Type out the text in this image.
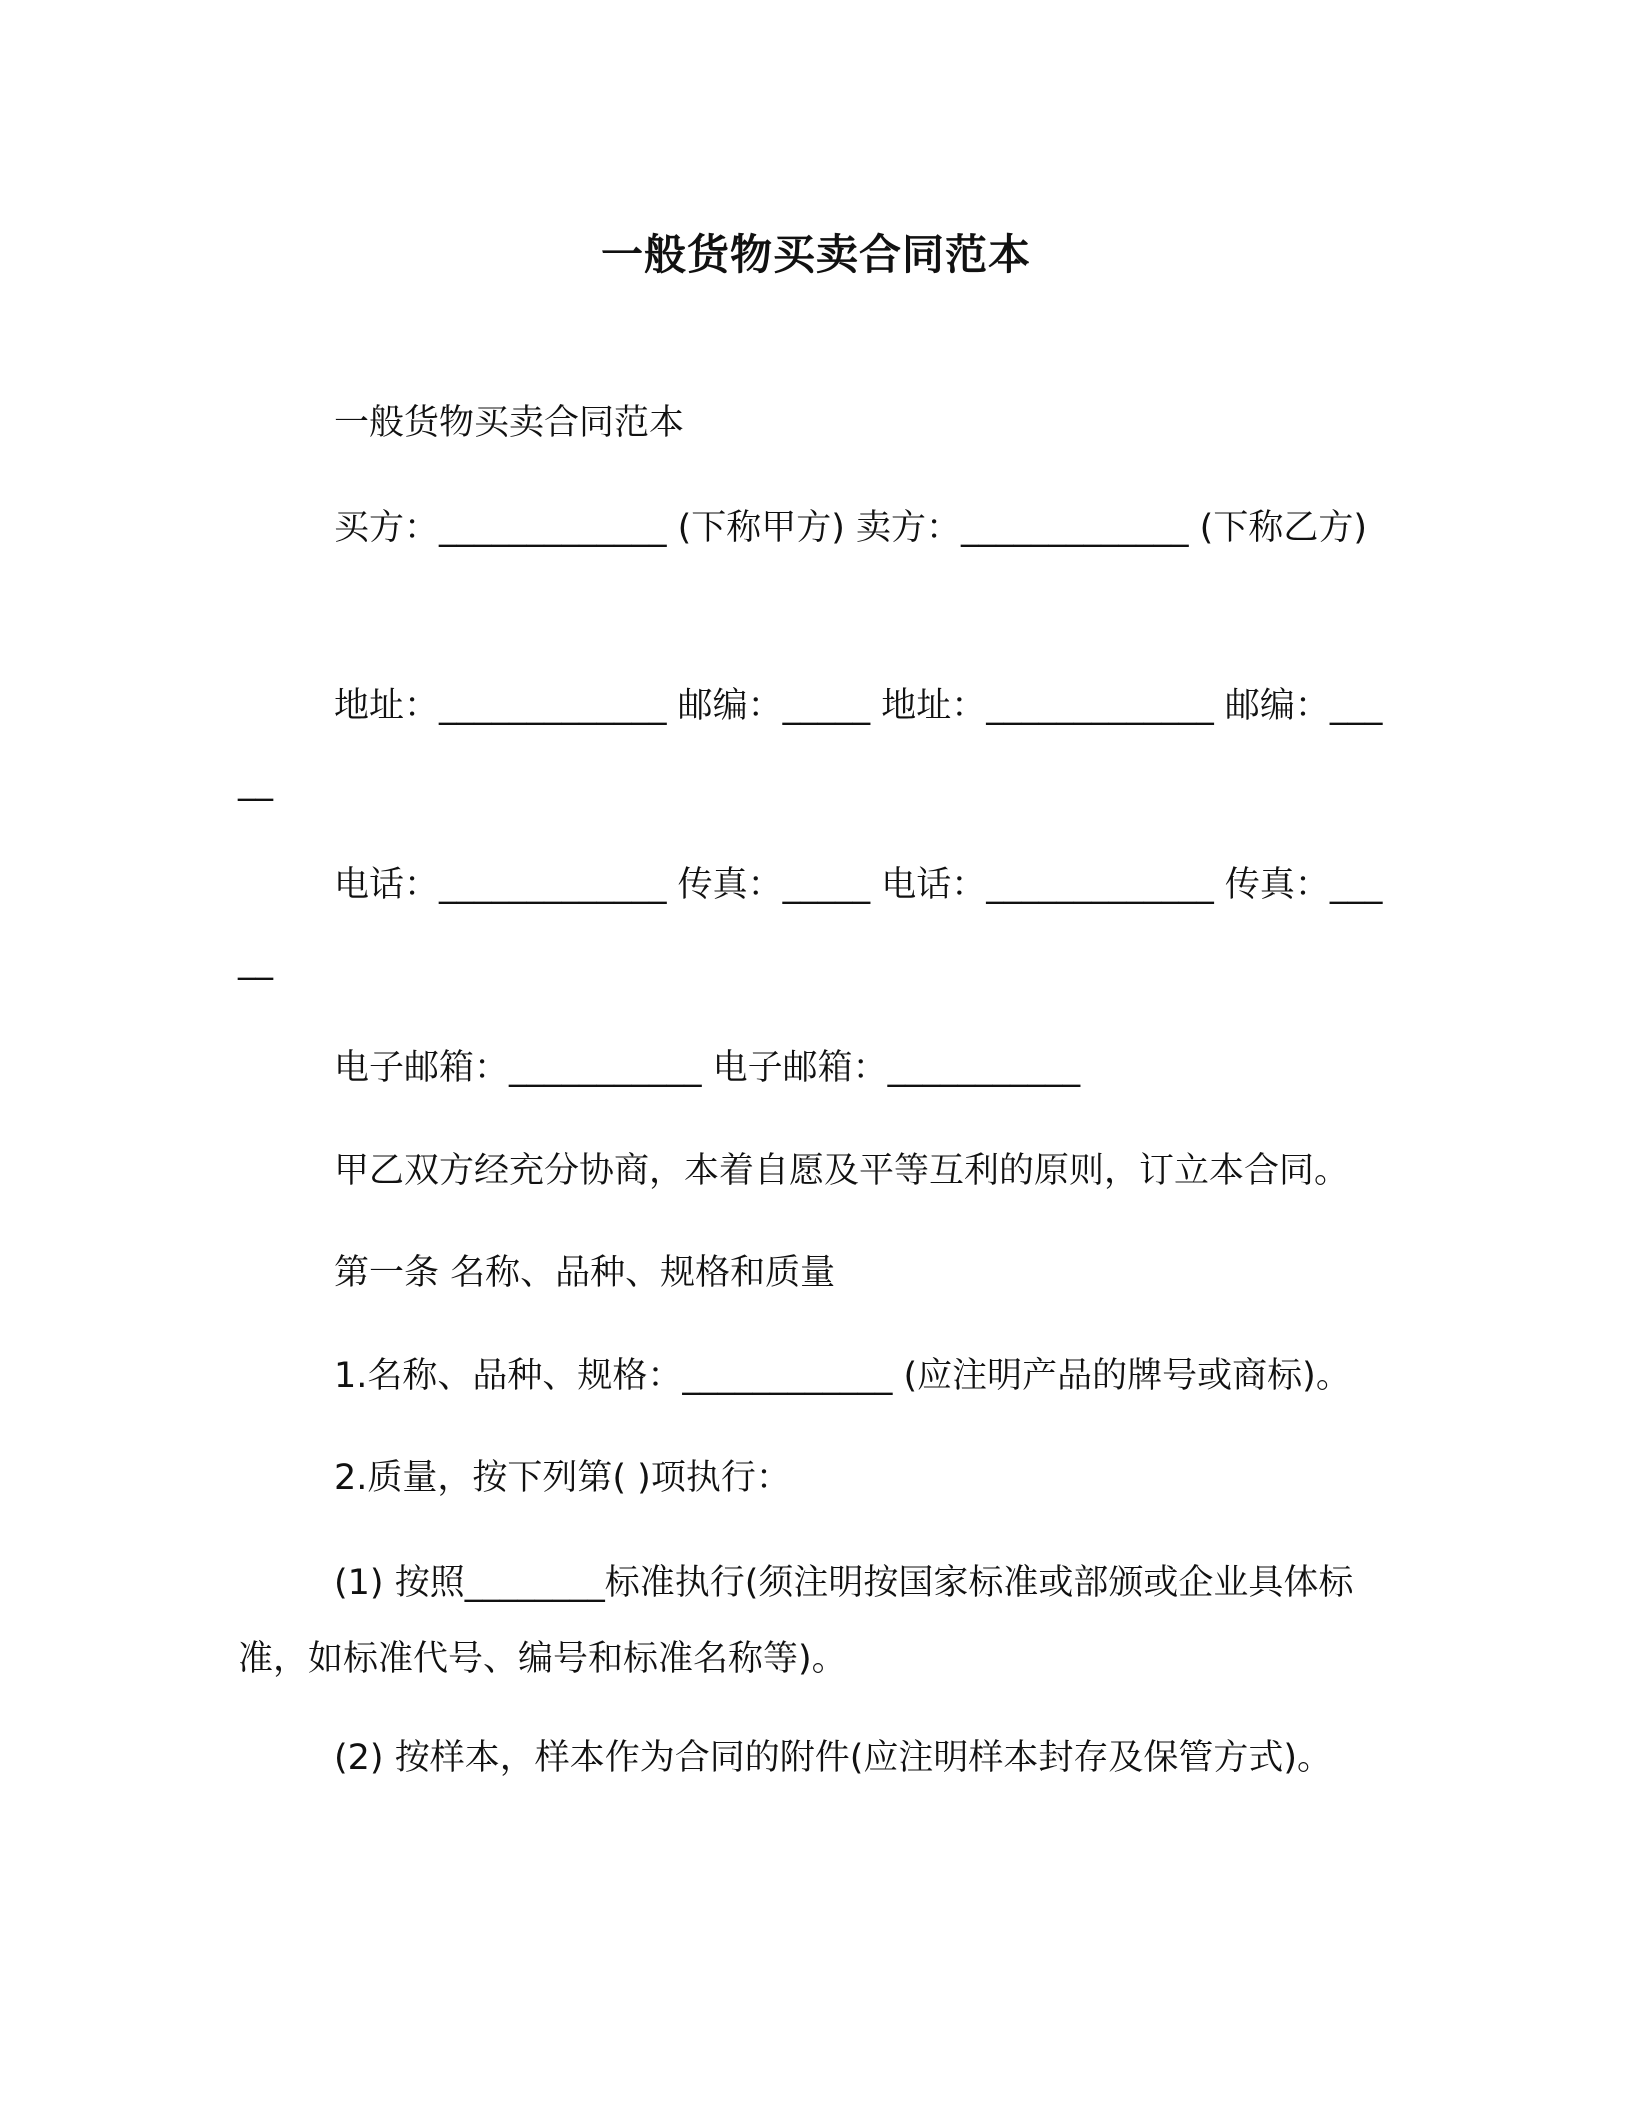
一般货物买卖合同范本
一般货物买卖合同范本
买方：_____________ (下称甲方) 卖方：_____________ (下称乙方)
地址：_____________ 邮编：_____ 地址：_____________ 邮编：_____
电话：_____________ 传真：_____ 电话：_____________ 传真：_____
电子邮箱：___________ 电子邮箱：___________
甲乙双方经充分协商，本着自愿及平等互利的原则，订立本合同。
第一条 名称、品种、规格和质量
1.名称、品种、规格：____________ (应注明产品的牌号或商标)。
2.质量，按下列第( )项执行：
(1) 按照________标准执行(须注明按国家标准或部颁或企业具体标准，如标准代号、编号和标准名称等)。
(2) 按样本，样本作为合同的附件(应注明样本封存及保管方式)。
